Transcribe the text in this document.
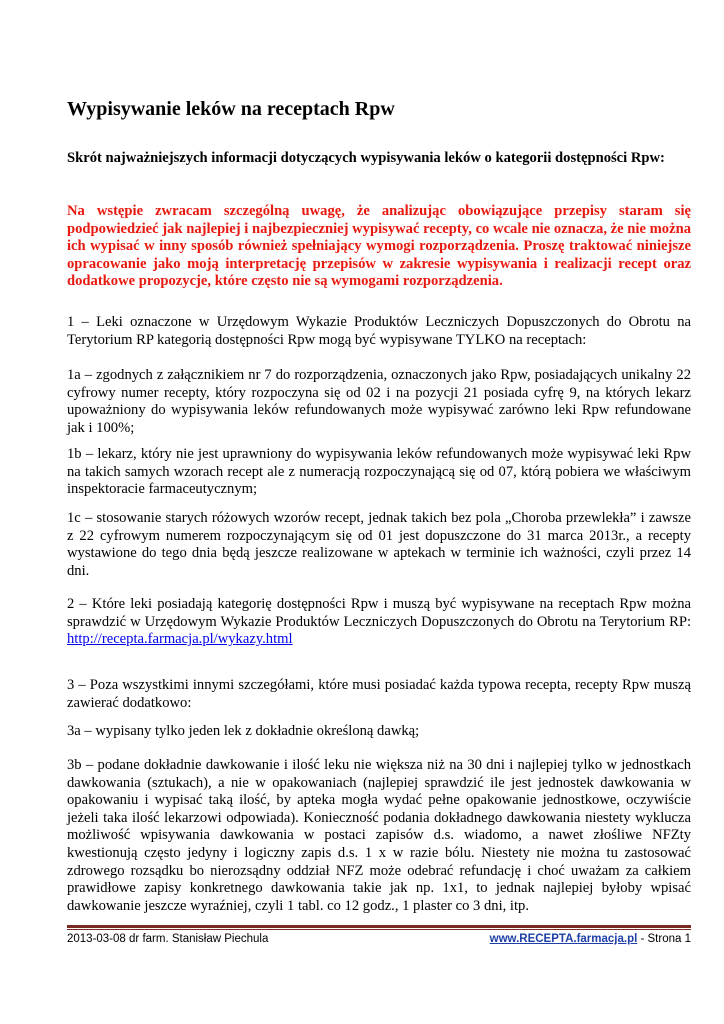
Wypisywanie leków na receptach Rpw

Skrót najważniejszych informacji dotyczących wypisywania leków o kategorii dostępności Rpw:

Na wstępie zwracam szczególną uwagę, że analizując obowiązujące przepisy staram się podpowiedzieć jak najlepiej i najbezpieczniej wypisywać recepty, co wcale nie oznacza, że nie można ich wypisać w inny sposób również spełniający wymogi rozporządzenia. Proszę traktować niniejsze opracowanie jako moją interpretację przepisów w zakresie wypisywania i realizacji recept oraz dodatkowe propozycje, które często nie są wymogami rozporządzenia.

1 – Leki oznaczone w Urzędowym Wykazie Produktów Leczniczych Dopuszczonych do Obrotu na Terytorium RP kategorią dostępności Rpw mogą być wypisywane TYLKO na receptach:

1a – zgodnych z załącznikiem nr 7 do rozporządzenia, oznaczonych jako Rpw, posiadających unikalny 22 cyfrowy numer recepty, który rozpoczyna się od 02 i na pozycji 21 posiada cyfrę 9, na których lekarz upoważniony do wypisywania leków refundowanych może wypisywać zarówno leki Rpw refundowane jak i 100%;

1b – lekarz, który nie jest uprawniony do wypisywania leków refundowanych może wypisywać leki Rpw na takich samych wzorach recept ale z numeracją rozpoczynającą się od 07, którą pobiera we właściwym inspektoracie farmaceutycznym;

1c – stosowanie starych różowych wzorów recept, jednak takich bez pola „Choroba przewlekła” i zawsze z 22 cyfrowym numerem rozpoczynającym się od 01 jest dopuszczone do 31 marca 2013r., a recepty wystawione do tego dnia będą jeszcze realizowane w aptekach w terminie ich ważności, czyli przez 14 dni.

2 – Które leki posiadają kategorię dostępności Rpw i muszą być wypisywane na receptach Rpw można sprawdzić w Urzędowym Wykazie Produktów Leczniczych Dopuszczonych do Obrotu na Terytorium RP: http://recepta.farmacja.pl/wykazy.html

3 – Poza wszystkimi innymi szczegółami, które musi posiadać każda typowa recepta, recepty Rpw muszą zawierać dodatkowo:

3a – wypisany tylko jeden lek z dokładnie określoną dawką;

3b – podane dokładnie dawkowanie i ilość leku nie większa niż na 30 dni i najlepiej tylko w jednostkach dawkowania (sztukach), a nie w opakowaniach (najlepiej sprawdzić ile jest jednostek dawkowania w opakowaniu i wypisać taką ilość, by apteka mogła wydać pełne opakowanie jednostkowe, oczywiście jeżeli taka ilość lekarzowi odpowiada). Konieczność podania dokładnego dawkowania niestety wyklucza możliwość wpisywania dawkowania w postaci zapisów d.s. wiadomo, a nawet złośliwe NFZty kwestionują często jedyny i logiczny zapis d.s. 1 x w razie bólu. Niestety nie można tu zastosować zdrowego rozsądku bo nierozsądny oddział NFZ może odebrać refundację i choć uważam za całkiem prawidłowe zapisy konkretnego dawkowania takie jak np. 1x1, to jednak najlepiej byłoby wpisać dawkowanie jeszcze wyraźniej, czyli 1 tabl. co 12 godz., 1 plaster co 3 dni, itp.

2013-03-08 dr farm. Stanisław Piechula	www.RECEPTA.farmacja.pl - Strona 1
